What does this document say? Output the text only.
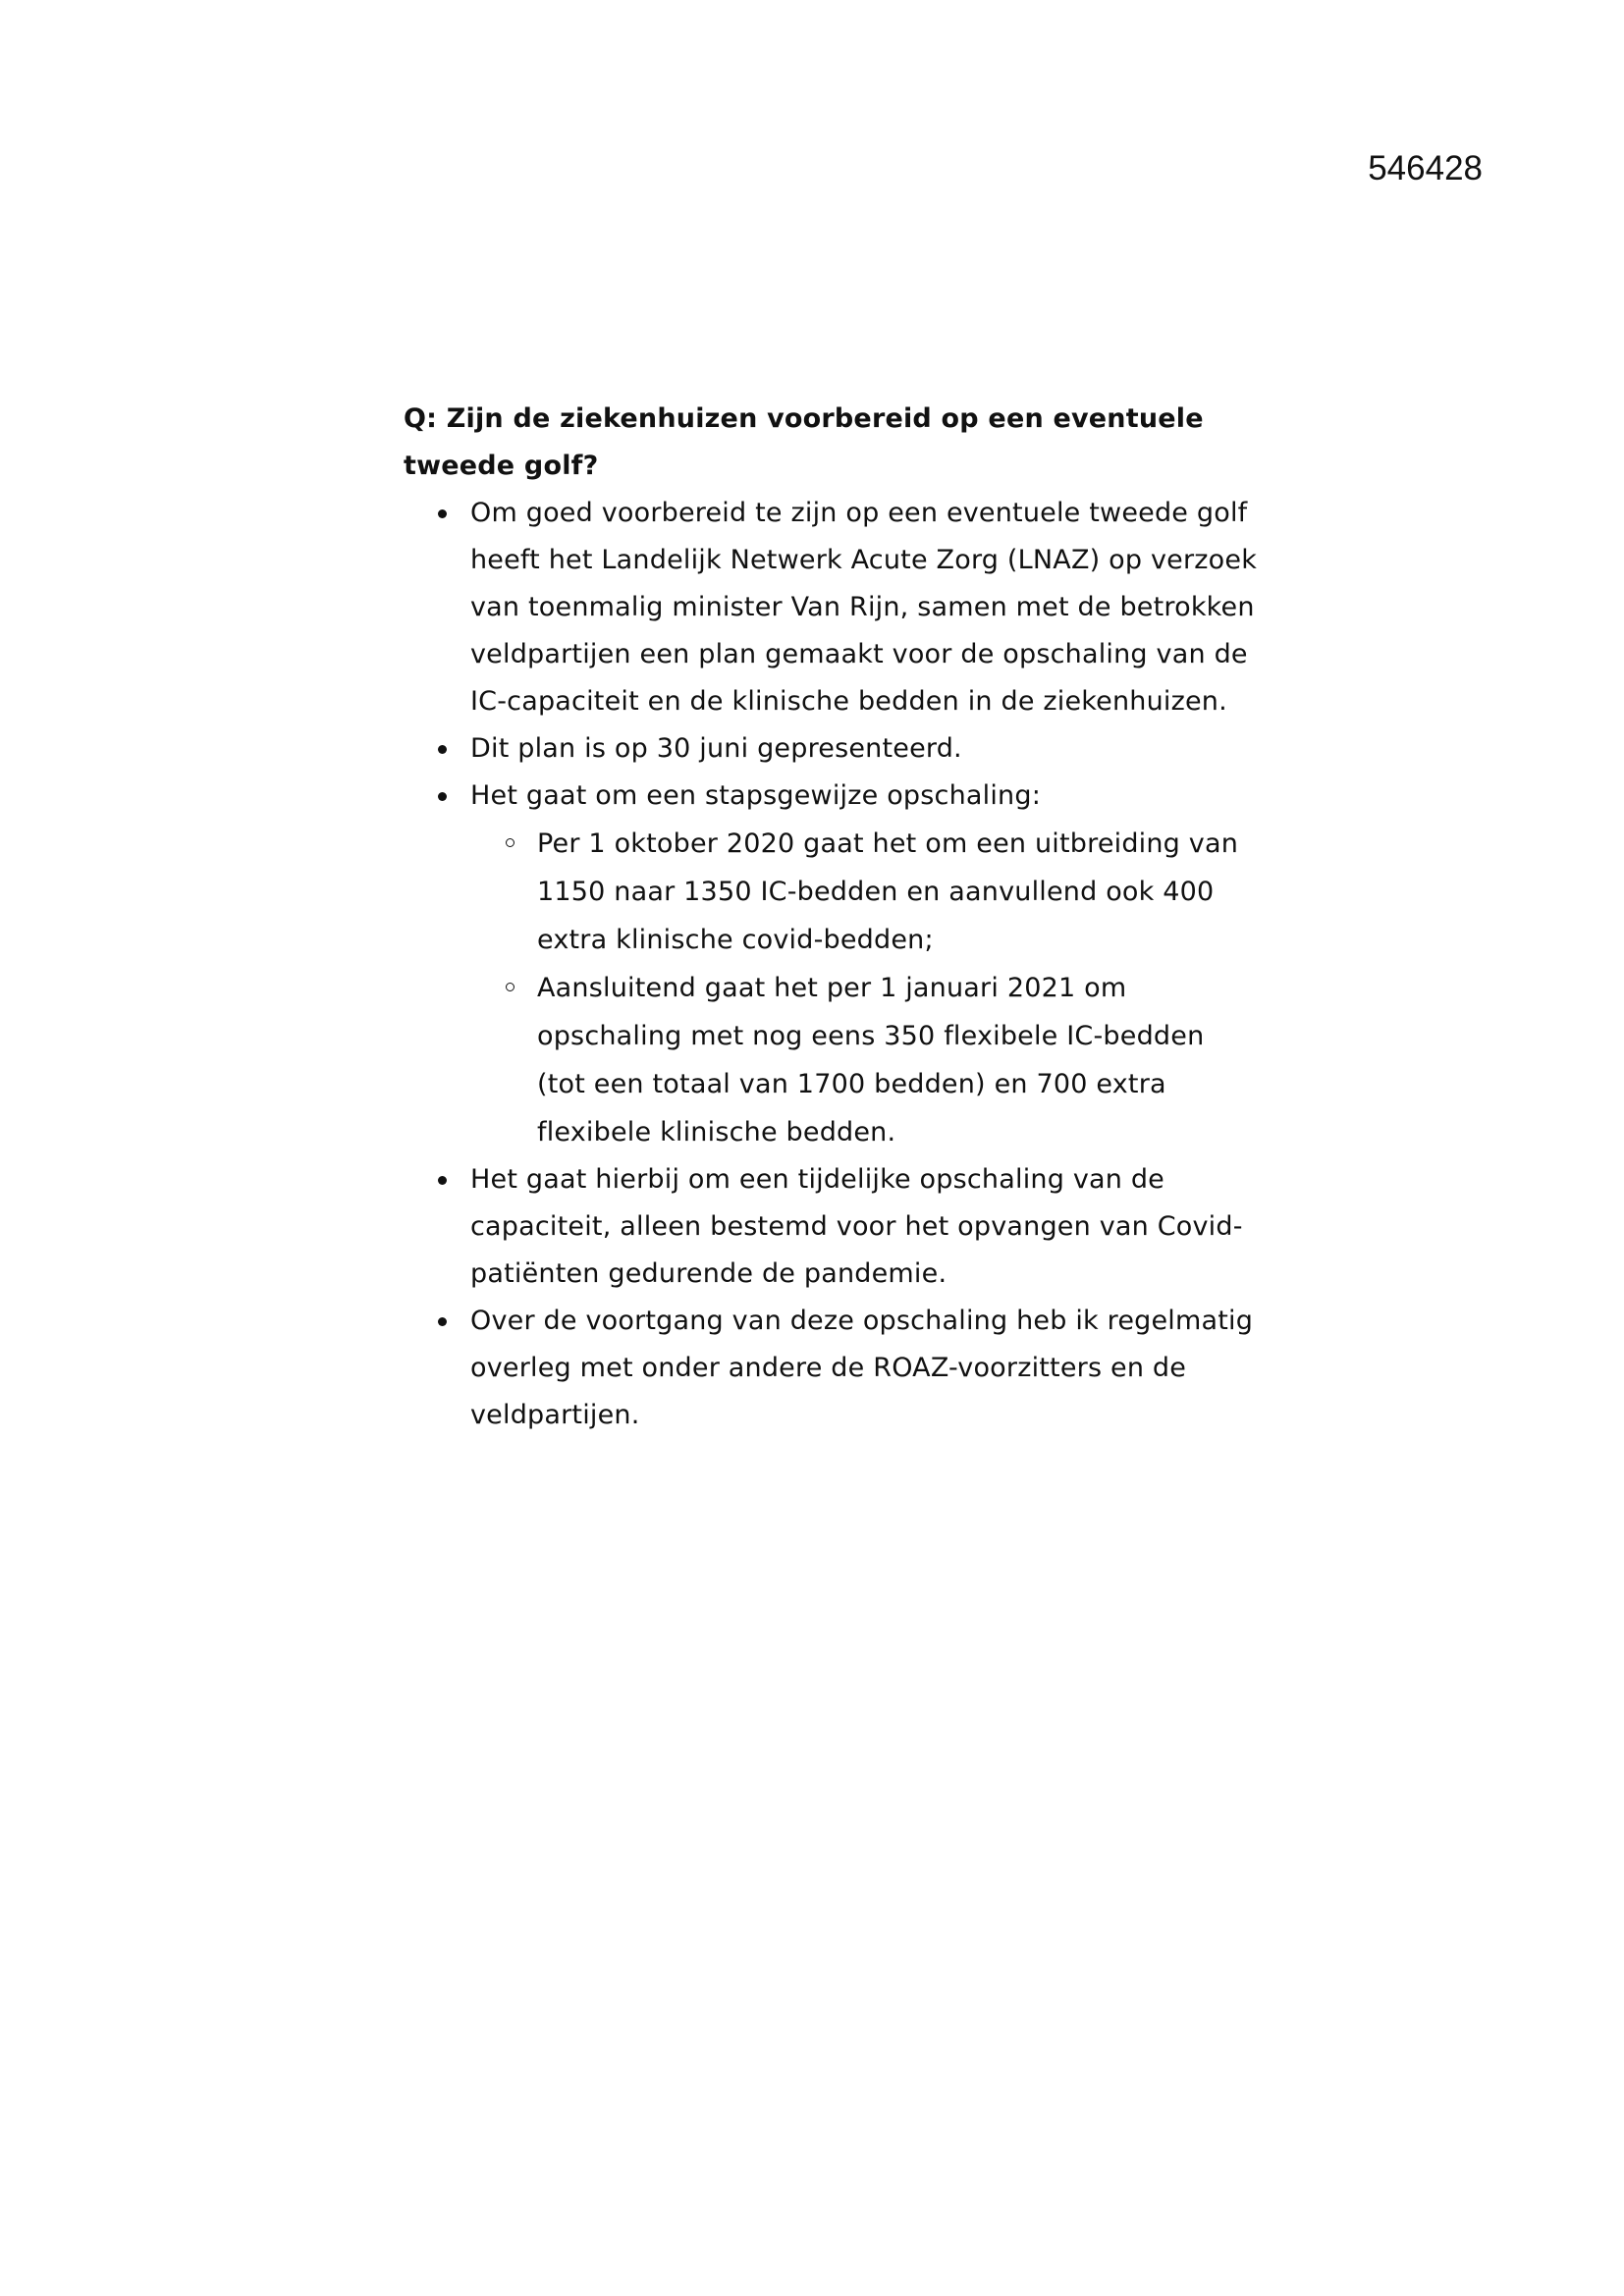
546428

Q: Zijn de ziekenhuizen voorbereid op een eventuele tweede golf?

Om goed voorbereid te zijn op een eventuele tweede golf heeft het Landelijk Netwerk Acute Zorg (LNAZ) op verzoek van toenmalig minister Van Rijn, samen met de betrokken veldpartijen een plan gemaakt voor de opschaling van de IC-capaciteit en de klinische bedden in de ziekenhuizen.
Dit plan is op 30 juni gepresenteerd.
Het gaat om een stapsgewijze opschaling:
Per 1 oktober 2020 gaat het om een uitbreiding van 1150 naar 1350 IC-bedden en aanvullend ook 400 extra klinische covid-bedden;
Aansluitend gaat het per 1 januari 2021 om opschaling met nog eens 350 flexibele IC-bedden (tot een totaal van 1700 bedden) en 700 extra flexibele klinische bedden.
Het gaat hierbij om een tijdelijke opschaling van de capaciteit, alleen bestemd voor het opvangen van Covid-patiënten gedurende de pandemie.
Over de voortgang van deze opschaling heb ik regelmatig overleg met onder andere de ROAZ-voorzitters en de veldpartijen.
